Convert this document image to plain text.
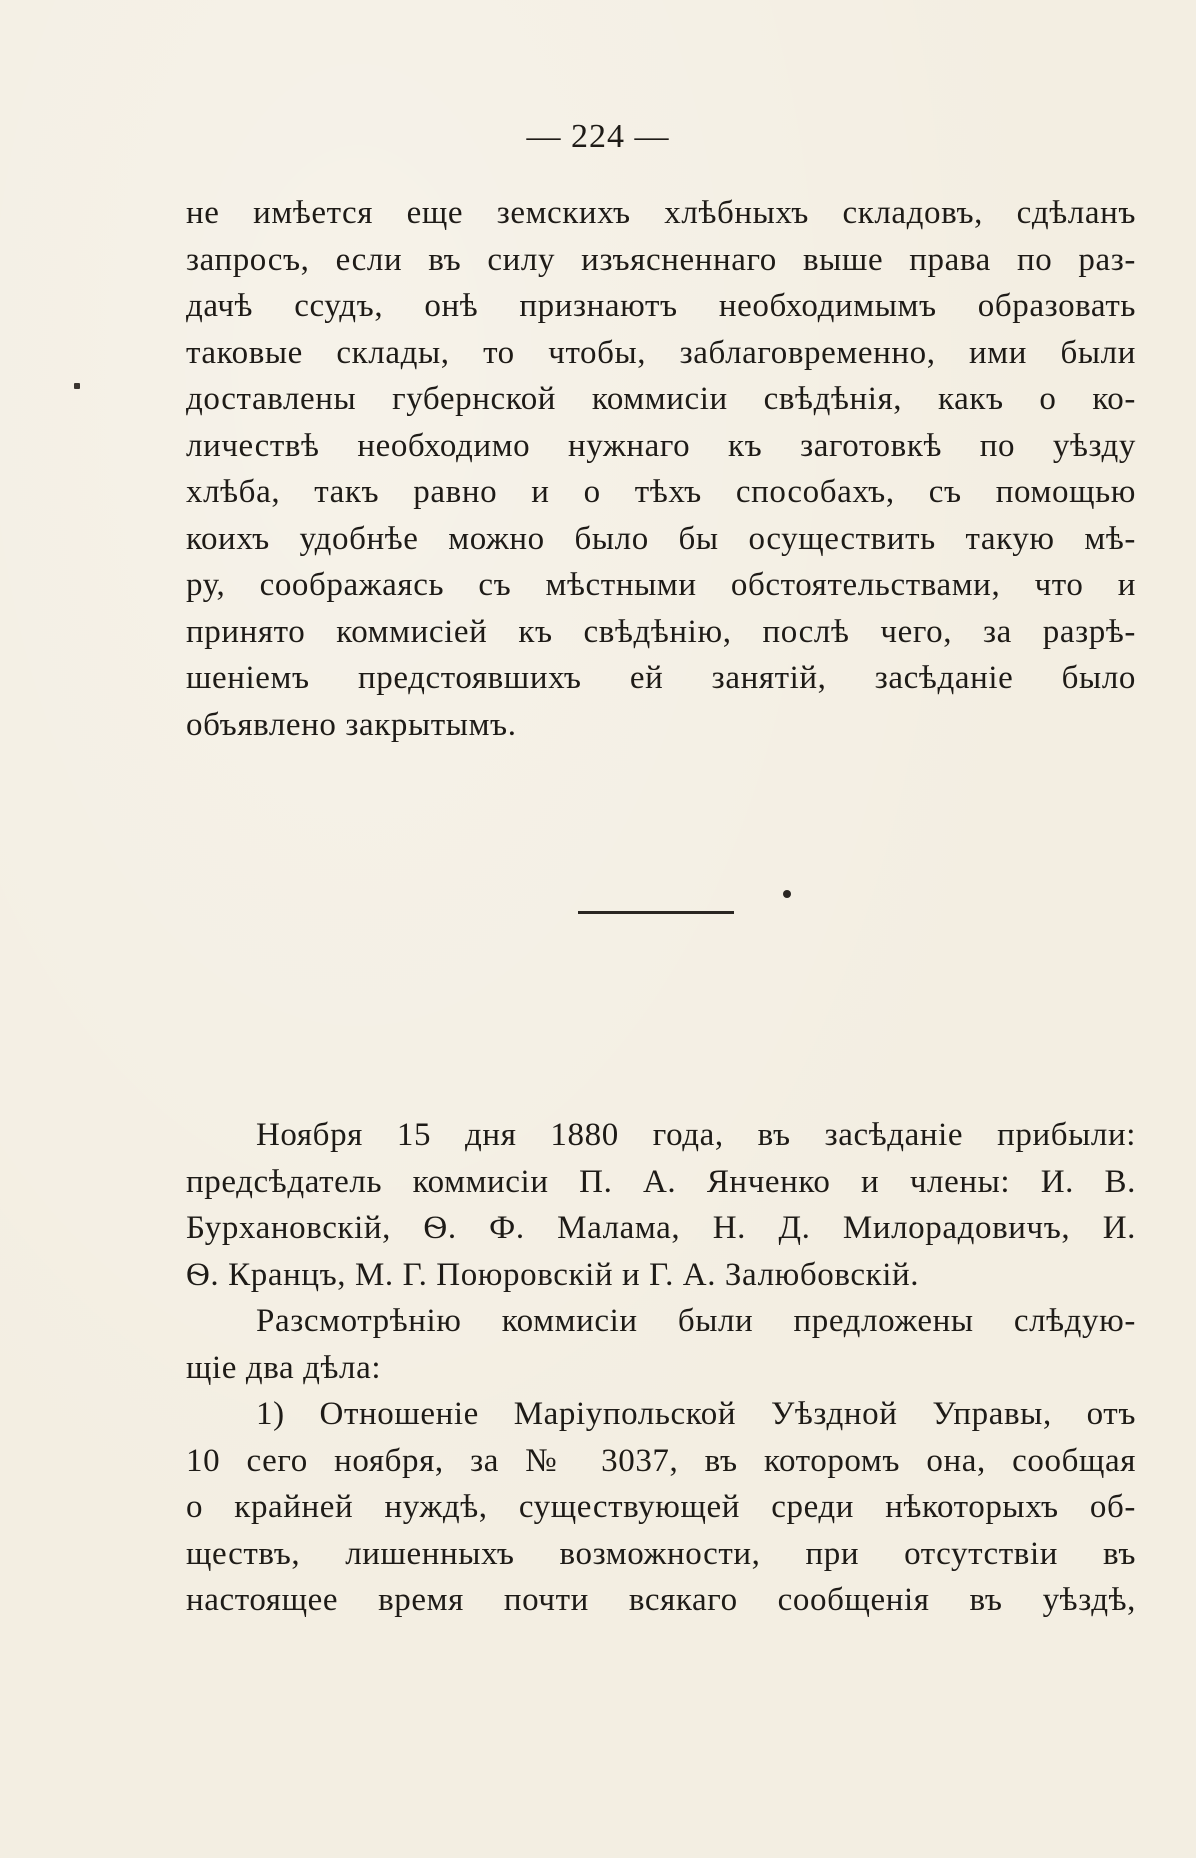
— 224 —
не имѣется еще земскихъ хлѣбныхъ складовъ, сдѣланъ
запросъ, если въ силу изъясненнаго выше права по раз-
дачѣ ссудъ, онѣ признаютъ необходимымъ образовать
таковые склады, то чтобы, заблаговременно, ими были
доставлены губернской коммисіи свѣдѣнія, какъ о ко-
личествѣ необходимо нужнаго къ заготовкѣ по уѣзду
хлѣба, такъ равно и о тѣхъ способахъ, съ помощью
коихъ удобнѣе можно было бы осуществить такую мѣ-
ру, соображаясь съ мѣстными обстоятельствами, что и
принято коммисіей къ свѣдѣнію, послѣ чего, за разрѣ-
шеніемъ предстоявшихъ ей занятій, засѣданіе было
объявлено закрытымъ.
Ноября 15 дня 1880 года, въ засѣданіе прибыли:
предсѣдатель коммисіи П. А. Янченко и члены: И. В.
Бурхановскій, Ѳ. Ф. Малама, Н. Д. Милорадовичъ, И.
Ѳ. Кранцъ, М. Г. Поюровскій и Г. А. Залюбовскій.
Разсмотрѣнію коммисіи были предложены слѣдую-
щіе два дѣла:
1) Отношеніе Маріупольской Уѣздной Управы, отъ
10 сего ноября, за № 3037, въ которомъ она, сообщая
о крайней нуждѣ, существующей среди нѣкоторыхъ об-
ществъ, лишенныхъ возможности, при отсутствіи въ
настоящее время почти всякаго сообщенія въ уѣздѣ,
